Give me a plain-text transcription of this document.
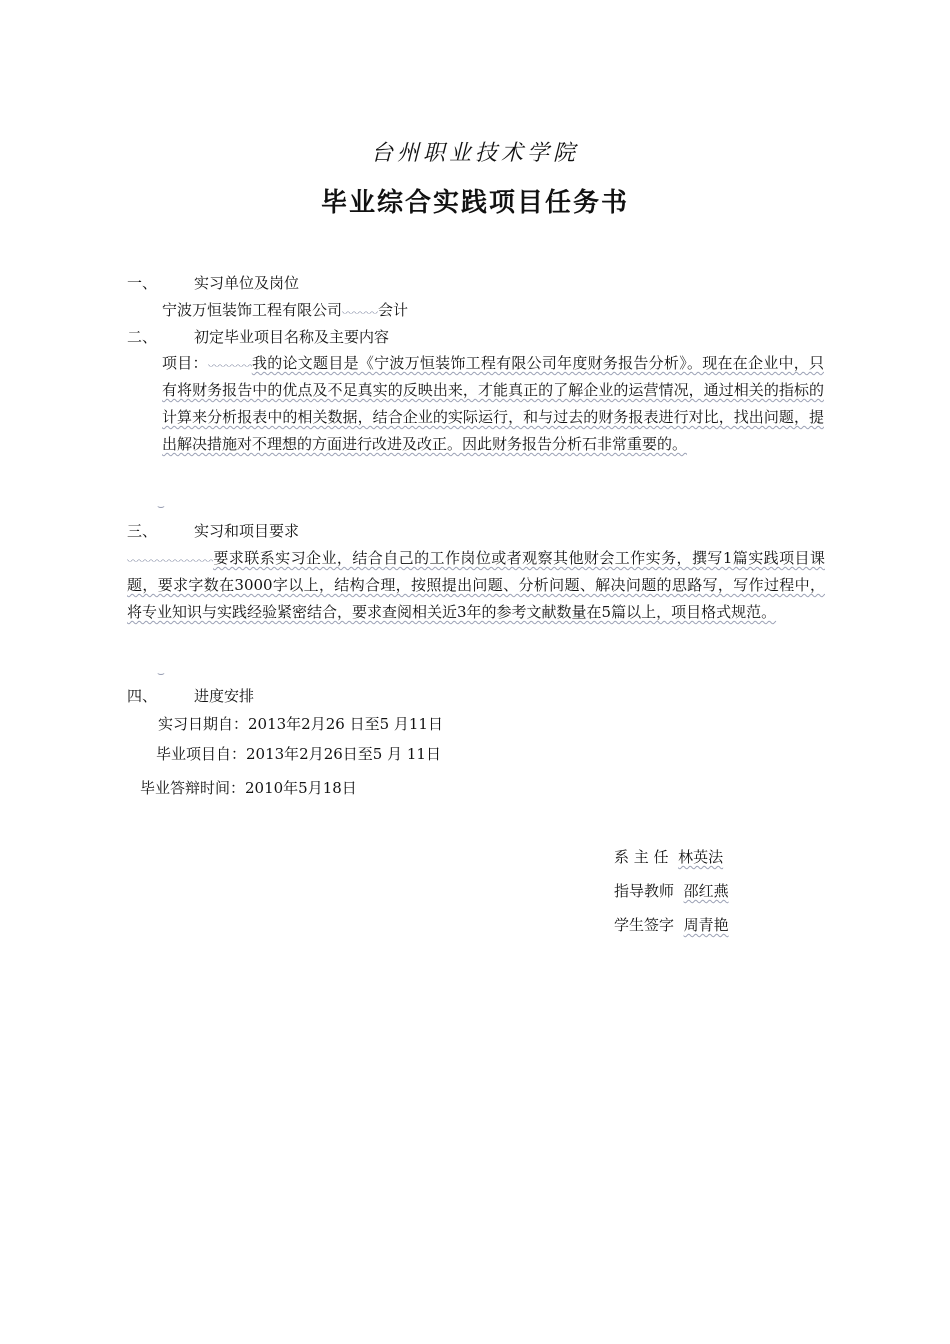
台州职业技术学院
毕业综合实践项目任务书
一、 实习单位及岗位
宁波万恒装饰工程有限公司 会计
二、 初定毕业项目名称及主要内容
项目：	我的论文题目是《宁波万恒装饰工程有限公司年度财务报告分析》。现在在企业中，只有将财务报告中的优点及不足真实的反映出来，才能真正的了解企业的运营情况，通过相关的指标的计算来分析报表中的相关数据，结合企业的实际运行，和与过去的财务报表进行对比，找出问题，提出解决措施对不理想的方面进行改进及改正。因此财务报告分析石非常重要的。
⌣
三、 实习和项目要求
要求联系实习企业，结合自己的工作岗位或者观察其他财会工作实务，撰写1篇实践项目课题，要求字数在3000字以上，结构合理，按照提出问题、分析问题、解决问题的思路写，写作过程中，将专业知识与实践经验紧密结合，要求查阅相关近3年的参考文献数量在5篇以上，项目格式规范。
⌣
四、 进度安排
实习日期自：2013年2月26 日至5 月11日
毕业项目自：2013年2月26日至5 月 11日
毕业答辩时间：2010年5月18日
系 主 任 林英法
指导教师 邵红燕
学生签字 周青艳
